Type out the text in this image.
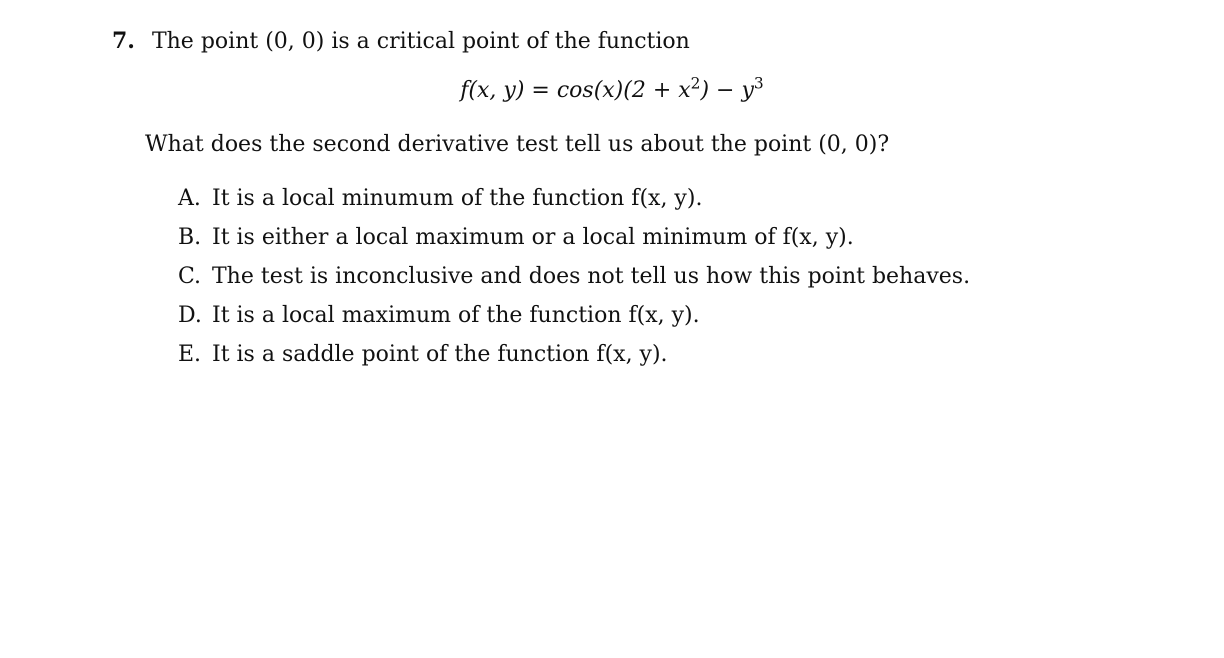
7. The point (0, 0) is a critical point of the function
f(x, $y) = \cos(x)(2 + x^2) - y^3$
What does the second derivative test tell us about the point (0, 0)?
A. It is a local minumum of the function f(x, y).
B. It is either a local maximum or a local minimum of f(x, y).
C. The test is inconclusive and does not tell us how this point behaves.
D. It is a local maximum of the function f(x, y).
E. It is a saddle point of the function f(x, y).
